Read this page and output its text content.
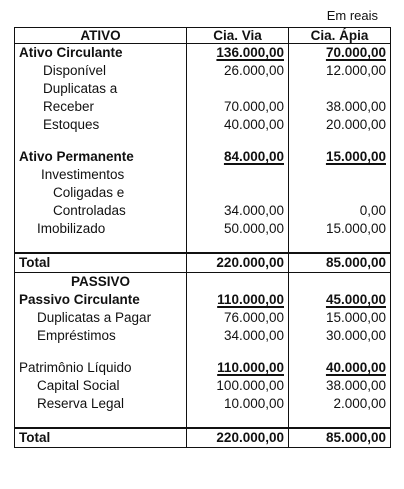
Em reais
ATIVO	Cia. Via	Cia. Ápia
Ativo Circulante	136.000,00	70.000,00
Disponível	26.000,00	12.000,00
Duplicatas a		
Receber	70.000,00	38.000,00
Estoques	40.000,00	20.000,00

Ativo Permanente	84.000,00	15.000,00
Investimentos		
Coligadas e		
Controladas	34.000,00	0,00
Imobilizado	50.000,00	15.000,00

Total	220.000,00	85.000,00
PASSIVO		
Passivo Circulante	110.000,00	45.000,00
Duplicatas a Pagar	76.000,00	15.000,00
Empréstimos	34.000,00	30.000,00

Patrimônio Líquido	110.000,00	40.000,00
Capital Social	100.000,00	38.000,00
Reserva Legal	10.000,00	2.000,00

Total	220.000,00	85.000,00
